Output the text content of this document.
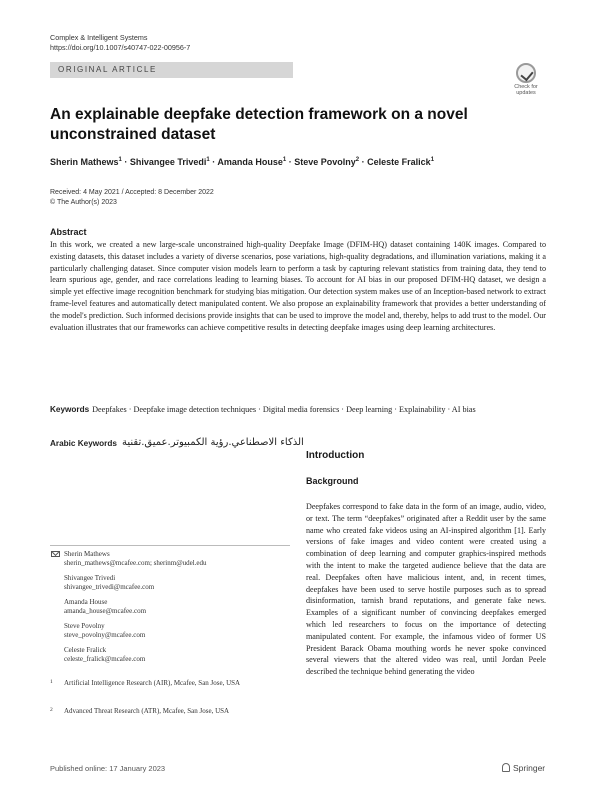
Complex & Intelligent Systems
https://doi.org/10.1007/s40747-022-00956-7
ORIGINAL ARTICLE
Check for updates
An explainable deepfake detection framework on a novel unconstrained dataset
Sherin Mathews$^1$ · Shivangee Trivedi$^1$ · Amanda House$^1$ · Steve Povolny$^2$ · Celeste Fralick$^1$
Received: 4 May 2021 / Accepted: 8 December 2022
© The Author(s) 2023
Abstract
In this work, we created a new large-scale unconstrained high-quality Deepfake Image (DFIM-HQ) dataset containing 140K images. Compared to existing datasets, this dataset includes a variety of diverse scenarios, pose variations, high-quality degradations, and illumination variations, making it a particularly challenging dataset. Since computer vision models learn to perform a task by capturing relevant statistics from training data, they tend to learn spurious age, gender, and race correlations leading to learning biases. To account for AI bias in our proposed DFIM-HQ dataset, we design a simple yet effective image recognition benchmark for studying bias mitigation. Our detection system makes use of an Inception-based network to extract frame-level features and automatically detect manipulated content. We also propose an explainability framework that provides a better understanding of the model's prediction. Such informed decisions provide insights that can be used to improve the model and, thereby, helps to add trust to the model. Our evaluation illustrates that our frameworks can achieve competitive results in detecting deepfake images using deep learning architectures.
Keywords Deepfakes · Deepfake image detection techniques · Digital media forensics · Deep learning · Explainability · AI bias
Arabic Keywords الذكاء الاصطناعي.رؤية الكمبيوتر.عميق.تقنية
Introduction
Background
Deepfakes correspond to fake data in the form of an image, audio, video, or text. The term “deepfakes” originated after a Reddit user by the same name who created fake videos using an AI-inspired algorithm [1]. Early versions of fake images and video content were created using a combination of deep learning and computer graphics-inspired methods with the intent to make the targeted audience believe that the data are real. Deepfakes often have malicious intent, and, in recent times, deepfakes have been used to serve hostile purposes such as to spread disinformation, tarnish brand reputations, and generate fake news. Examples of a significant number of convincing deepfakes emerged which led researchers to focus on the importance of detecting manipulated content. For example, the infamous video of former US President Barack Obama mouthing words he never spoke convinced several viewers that the altered video was real, until Jordan Peele described the technique behind generating the video
Sherin Mathews
sherin_mathews@mcafee.com; sherinm@udel.edu
Shivangee Trivedi
shivangee_trivedi@mcafee.com
Amanda House
amanda_house@mcafee.com
Steve Povolny
steve_povolny@mcafee.com
Celeste Fralick
celeste_fralick@mcafee.com
1 Artificial Intelligence Research (AIR), Mcafee, San Jose, USA
2 Advanced Threat Research (ATR), Mcafee, San Jose, USA
Published online: 17 January 2023	Springer
